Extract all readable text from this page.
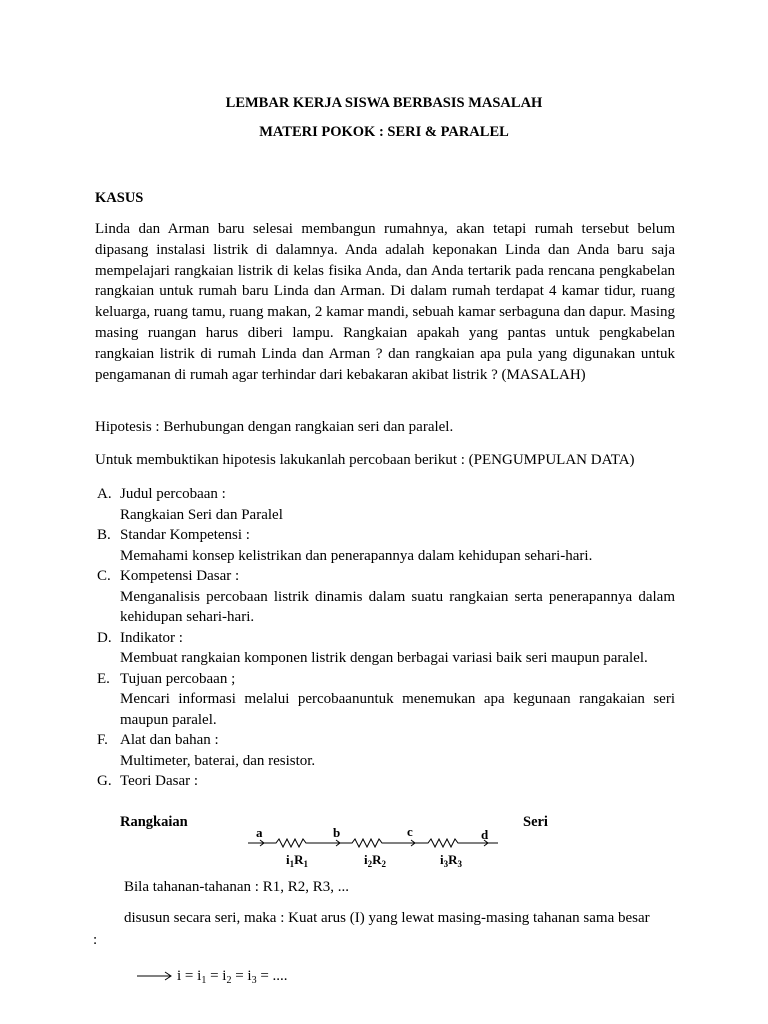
LEMBAR KERJA SISWA BERBASIS MASALAH
MATERI POKOK : SERI & PARALEL
KASUS
Linda dan Arman baru selesai membangun rumahnya, akan tetapi rumah tersebut belum dipasang instalasi listrik di dalamnya. Anda adalah keponakan Linda dan Anda baru saja mempelajari rangkaian listrik di kelas fisika Anda, dan Anda tertarik pada rencana pengkabelan rangkaian untuk rumah baru Linda dan Arman. Di dalam rumah terdapat 4 kamar tidur, ruang keluarga, ruang tamu, ruang makan, 2 kamar mandi, sebuah kamar serbaguna dan dapur. Masing masing ruangan harus diberi lampu. Rangkaian apakah yang pantas untuk pengkabelan rangkaian listrik di rumah Linda dan Arman ? dan rangkaian apa pula yang digunakan untuk pengamanan di rumah agar terhindar dari kebakaran akibat listrik ? (MASALAH)
Hipotesis : Berhubungan dengan rangkaian seri dan paralel.
Untuk membuktikan hipotesis lakukanlah percobaan berikut : (PENGUMPULAN DATA)
A. Judul percobaan :
Rangkaian Seri dan Paralel
B. Standar Kompetensi :
Memahami konsep kelistrikan dan penerapannya dalam kehidupan sehari-hari.
C. Kompetensi Dasar :
Menganalisis percobaan listrik dinamis dalam suatu rangkaian serta penerapannya dalam kehidupan sehari-hari.
D. Indikator :
Membuat rangkaian komponen listrik dengan berbagai variasi baik seri maupun paralel.
E. Tujuan percobaan ;
Mencari informasi melalui percobaanuntuk menemukan apa kegunaan rangakaian seri maupun paralel.
F. Alat dan bahan :
Multimeter, baterai, dan resistor.
G. Teori Dasar :
Rangkaian	Seri
a	b	c	d
$i_1R_1$	$i_2R_2$	$i_3R_3$
Bila tahanan-tahanan : R1, R2, R3, ...
disusun secara seri, maka : Kuat arus (I) yang lewat masing-masing tahanan sama besar
:
$i = i_1 = i_2 = i_3$ = ....
